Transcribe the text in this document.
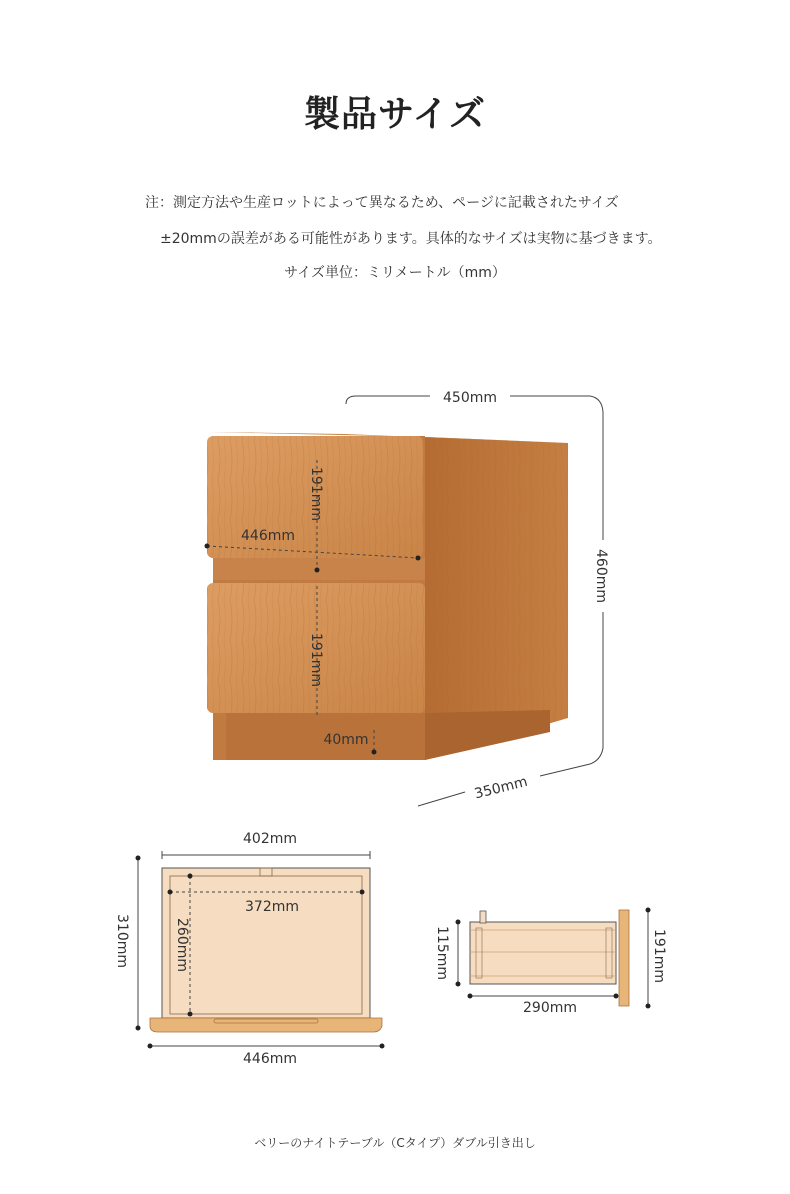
製品サイズ
注：測定方法や生産ロットによって異なるため、ページに記載されたサイズ
±20mmの誤差がある可能性があります。具体的なサイズは実物に基づきます。
サイズ単位：ミリメートル（mm）
450mm
460mm
350mm
191mm
446mm
191mm
40mm
402mm
372mm
260mm
310mm
446mm
115mm	191mm
290mm
ベリーのナイトテーブル（Cタイプ）ダブル引き出し
